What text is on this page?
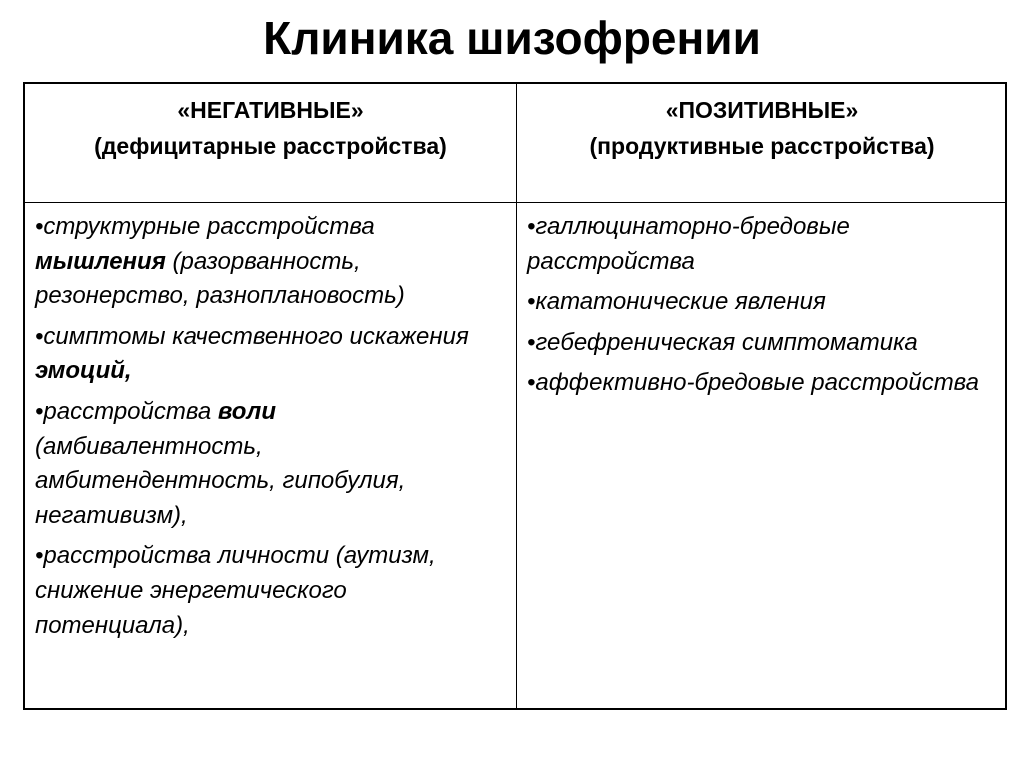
Клиника шизофрении
«НЕГАТИВНЫЕ»
(дефицитарные расстройства)
«ПОЗИТИВНЫЕ»
(продуктивные расстройства)
•структурные расстройства мышления (разорванность, резонерство, разноплановость)
•симптомы качественного искажения эмоций,
•расстройства воли (амбивалентность, амбитендентность, гипобулия, негативизм),
•расстройства личности (аутизм, снижение энергетического потенциала),
•галлюцинаторно-бредовые расстройства
•кататонические явления
•гебефреническая симптоматика
•аффективно-бредовые расстройства
